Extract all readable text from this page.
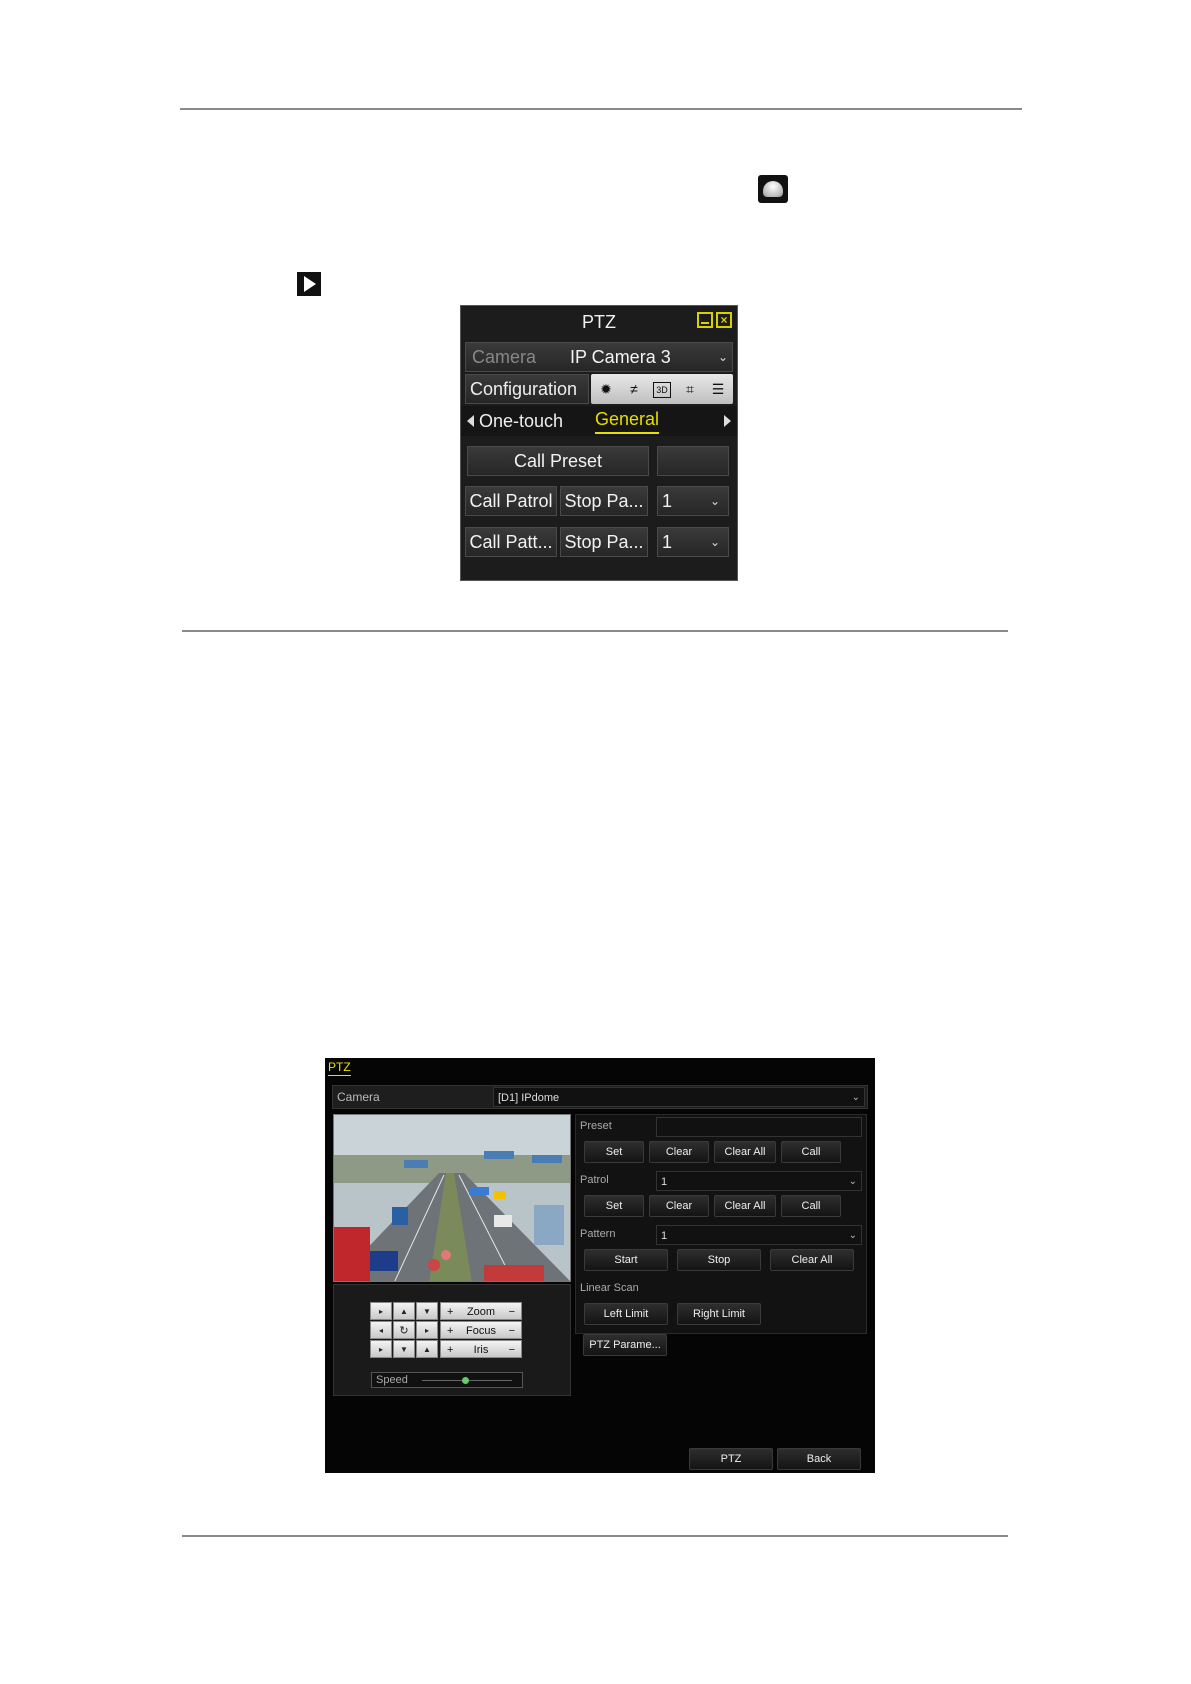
PTZ	×
Camera IP Camera 3	⌄
Configuration ✹	≠	3D	⌗	☰
One-touch General
Call Preset
Call Patrol Stop Pa... 1	⌄
Call Patt... Stop Pa... 1	⌄
PTZ
Camera	[D1] IPdome	⌄
▸	▲	▼
◂	↻	▸
▸	▼	▲
+	Zoom	−
+	Focus	−
+	Iris	−
Speed
Preset
Set	Clear	Clear All	Call
Patrol	1	⌄
Set	Clear	Clear All	Call
Pattern	1	⌄
Start	Stop	Clear All
Linear Scan
Left Limit	Right Limit
PTZ Parame...
PTZ	Back
